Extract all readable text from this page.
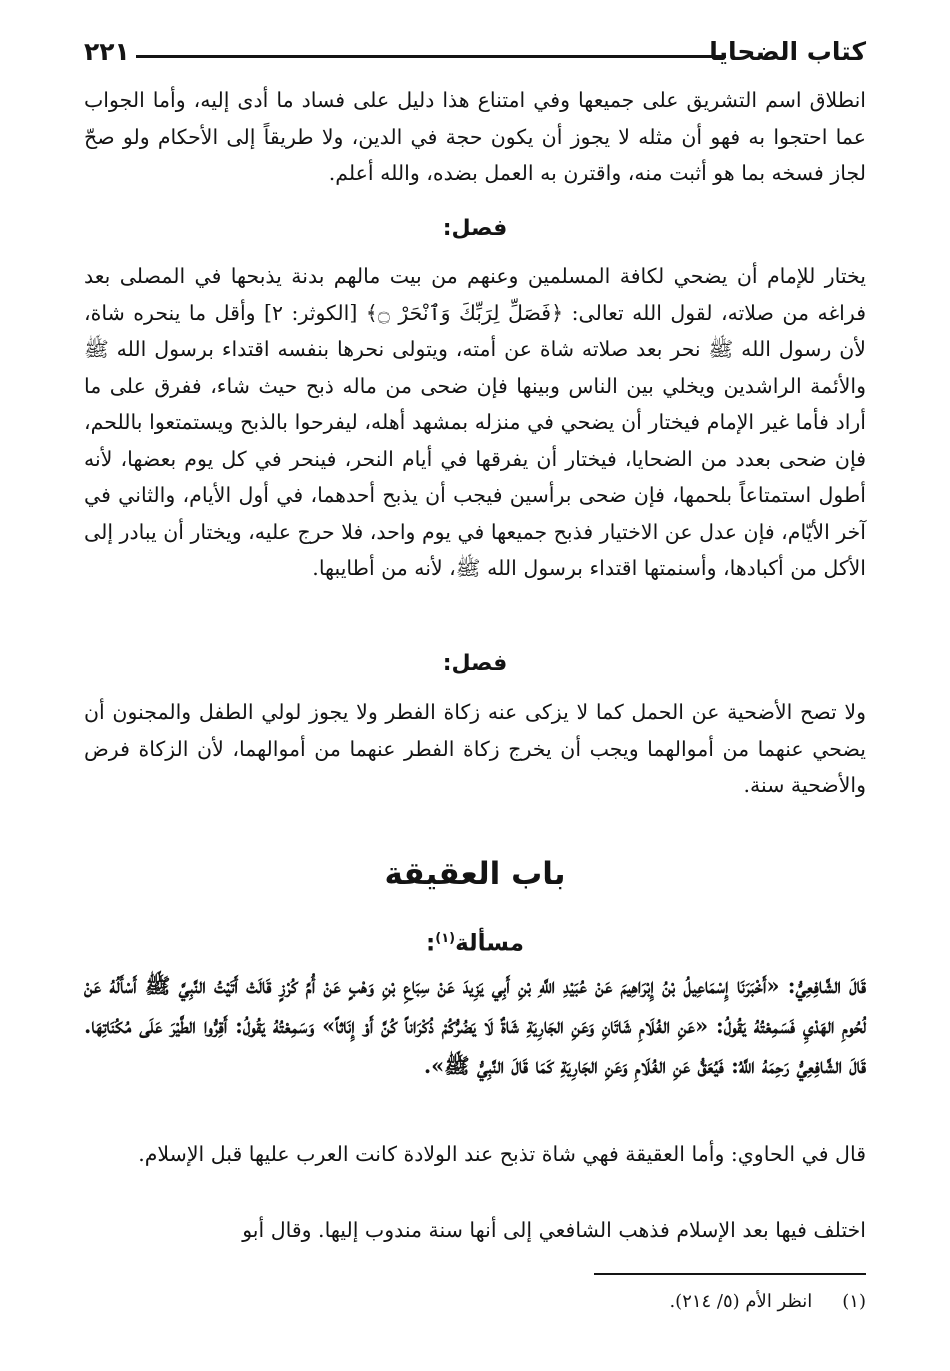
كتاب الضحايا
٢٢١

انطلاق اسم التشريق على جميعها وفي امتناع هذا دليل على فساد ما أدى إليه، وأما الجواب عما احتجوا به فهو أن مثله لا يجوز أن يكون حجة في الدين، ولا طريقاً إلى الأحكام ولو صحّ لجاز فسخه بما هو أثبت منه، واقترن به العمل بضده، والله أعلم.

فصل:

يختار للإمام أن يضحي لكافة المسلمين وعنهم من بيت مالهم بدنة يذبحها في المصلى بعد فراغه من صلاته، لقول الله تعالى: ﴿فَصَلِّ لِرَبِّكَ وَٱنْحَرْ ۝﴾ [الكوثر: ٢] وأقل ما ينحره شاة، لأن رسول الله ﷺ نحر بعد صلاته شاة عن أمته، ويتولى نحرها بنفسه اقتداء برسول الله ﷺ والأئمة الراشدين ويخلي بين الناس وبينها فإن ضحى من ماله ذبح حيث شاء، ففرق على ما أراد فأما غير الإمام فيختار أن يضحي في منزله بمشهد أهله، ليفرحوا بالذبح ويستمتعوا باللحم، فإن ضحى بعدد من الضحايا، فيختار أن يفرقها في أيام النحر، فينحر في كل يوم بعضها، لأنه أطول استمتاعاً بلحمها، فإن ضحى برأسين فيجب أن يذبح أحدهما، في أول الأيام، والثاني في آخر الأيّام، فإن عدل عن الاختيار فذبح جميعها في يوم واحد، فلا حرج عليه، ويختار أن يبادر إلى الأكل من أكبادها، وأسنمتها اقتداء برسول الله ﷺ، لأنه من أطايبها.

فصل:

ولا تصح الأضحية عن الحمل كما لا يزكى عنه زكاة الفطر ولا يجوز لولي الطفل والمجنون أن يضحي عنهما من أموالهما ويجب أن يخرج زكاة الفطر عنهما من أموالهما، لأن الزكاة فرض والأضحية سنة.

باب العقيقة
مسألة$^{(١)}$:

قَالَ الشَّافِعِيُّ: «أَخْبَرَنَا إِسْمَاعِيلُ بْنُ إِبْرَاهِيمَ عَنْ عُبَيْدِ اللَّهِ بْنِ أَبِي يَزِيدَ عَنْ سِبَاعِ بْنِ وَهْبٍ عَنْ أُمِّ كُرْزٍ قَالَتْ أَتَيْتُ النَّبِيَّ ﷺ أَسْأَلُهُ عَنْ لُحُومِ الهَدْيِ فَسَمِعْتُهُ يَقُولُ: «عَنِ الغُلَامِ شَاتَانِ وَعَنِ الجَارِيَةِ شَاةٌ لَا يَضُرُّكُمْ ذُكْرَاناً كُنَّ أَوْ إِنَاثاً» وَسَمِعْتُهُ يَقُولُ: أَقِرُّوا الطَّيْرَ عَلَى مُكُنَاتِهَا. قَالَ الشَّافِعِيُّ رَحِمَهُ اللَّهُ: فَيُعَقُّ عَنِ الغُلَامِ وَعَنِ الجَارِيَةِ كَمَا قَالَ النَّبِيُّ ﷺ».

قال في الحاوي: وأما العقيقة فهي شاة تذبح عند الولادة كانت العرب عليها قبل الإسلام.

اختلف فيها بعد الإسلام فذهب الشافعي إلى أنها سنة مندوب إليها. وقال أبو

(١)انظر الأم (٥/ ٢١٤).
